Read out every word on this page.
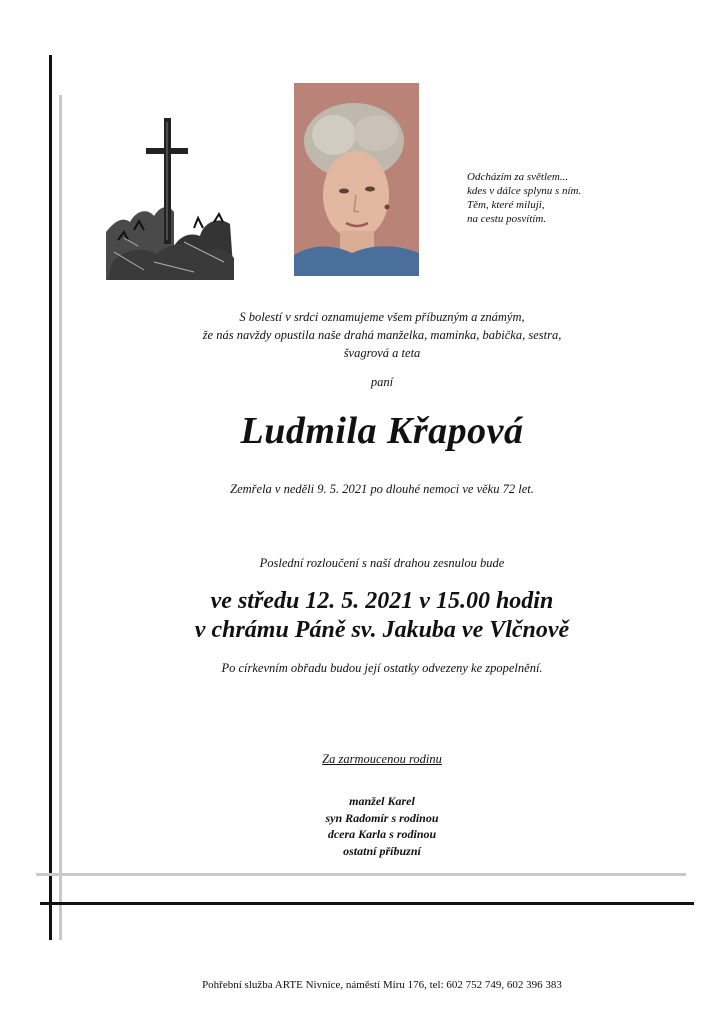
Odcházím za světlem...
kdes v dálce splynu s ním.
Těm, které miluji,
na cestu posvítím.
S bolestí v srdci oznamujeme všem příbuzným a známým,
že nás navždy opustila naše drahá manželka, maminka, babička, sestra,
švagrová a teta
paní
Ludmila Křapová
Zemřela v neděli 9. 5. 2021 po dlouhé nemoci ve věku 72 let.
Poslední rozloučení s naší drahou zesnulou bude
ve středu 12. 5. 2021 v 15.00 hodin
v chrámu Páně sv. Jakuba ve Vlčnově
Po církevním obřadu budou její ostatky odvezeny ke zpopelnění.
Za zarmoucenou rodinu
manžel Karel
syn Radomír s rodinou
dcera Karla s rodinou
ostatní příbuzní
Pohřební služba ARTE Nivnice, náměstí Míru 176, tel: 602 752 749, 602 396 383
